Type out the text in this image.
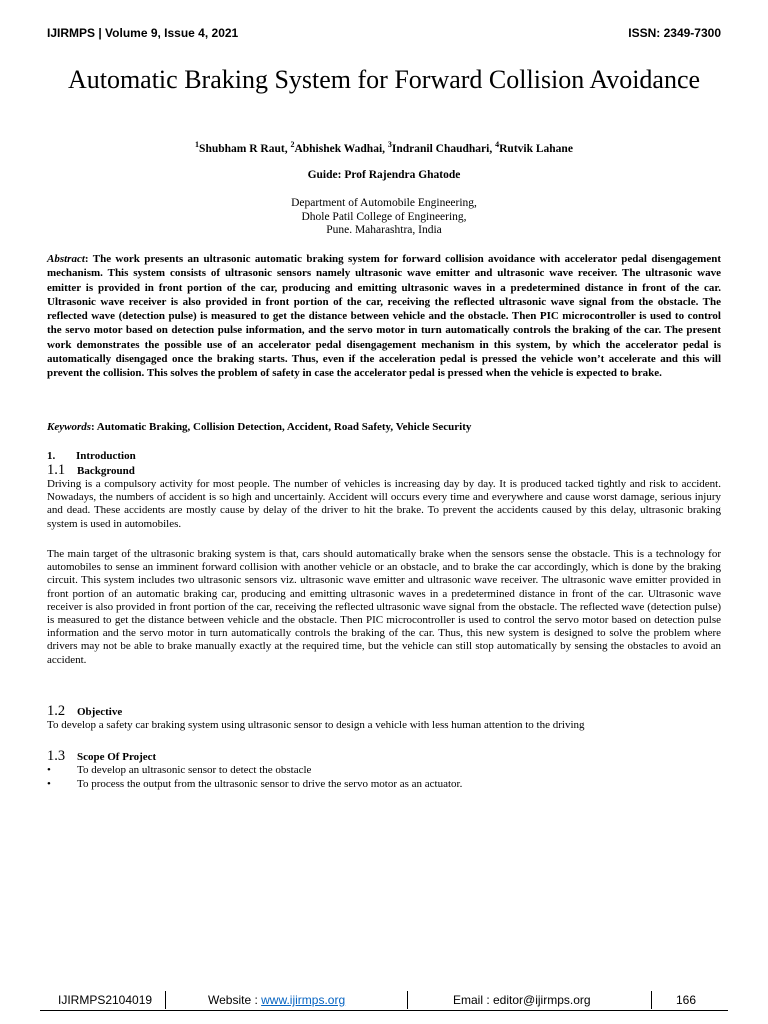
IJIRMPS | Volume 9, Issue 4, 2021	ISSN: 2349-7300
Automatic Braking System for Forward Collision Avoidance
$^1$Shubham R Raut, $^2$Abhishek Wadhai, $^3$Indranil Chaudhari, $^4$Rutvik Lahane
Guide: Prof Rajendra Ghatode
Department of Automobile Engineering,
Dhole Patil College of Engineering,
Pune. Maharashtra, India
Abstract: The work presents an ultrasonic automatic braking system for forward collision avoidance with accelerator pedal disengagement mechanism. This system consists of ultrasonic sensors namely ultrasonic wave emitter and ultrasonic wave receiver. The ultrasonic wave emitter is provided in front portion of the car, producing and emitting ultrasonic waves in a predetermined distance in front of the car. Ultrasonic wave receiver is also provided in front portion of the car, receiving the reflected ultrasonic wave signal from the obstacle. The reflected wave (detection pulse) is measured to get the distance between vehicle and the obstacle. Then PIC microcontroller is used to control the servo motor based on detection pulse information, and the servo motor in turn automatically controls the braking of the car. The present work demonstrates the possible use of an accelerator pedal disengagement mechanism in this system, by which the accelerator pedal is automatically disengaged once the braking starts. Thus, even if the acceleration pedal is pressed the vehicle won’t accelerate and this will prevent the collision. This solves the problem of safety in case the accelerator pedal is pressed when the vehicle is expected to brake.
Keywords: Automatic Braking, Collision Detection, Accident, Road Safety, Vehicle Security
1. Introduction
1.1	Background
Driving is a compulsory activity for most people. The number of vehicles is increasing day by day. It is produced tacked tightly and risk to accident. Nowadays, the numbers of accident is so high and uncertainly. Accident will occurs every time and everywhere and cause worst damage, serious injury and dead. These accidents are mostly cause by delay of the driver to hit the brake. To prevent the accidents caused by this delay, ultrasonic braking system is used in automobiles.
The main target of the ultrasonic braking system is that, cars should automatically brake when the sensors sense the obstacle. This is a technology for automobiles to sense an imminent forward collision with another vehicle or an obstacle, and to brake the car accordingly, which is done by the braking circuit. This system includes two ultrasonic sensors viz. ultrasonic wave emitter and ultrasonic wave receiver. The ultrasonic wave emitter provided in front portion of an automatic braking car, producing and emitting ultrasonic waves in a predetermined distance in front of the car. Ultrasonic wave receiver is also provided in front portion of the car, receiving the reflected ultrasonic wave signal from the obstacle. The reflected wave (detection pulse) is measured to get the distance between vehicle and the obstacle. Then PIC microcontroller is used to control the servo motor based on detection pulse information and the servo motor in turn automatically controls the braking of the car. Thus, this new system is designed to solve the problem where drivers may not be able to brake manually exactly at the required time, but the vehicle can still stop automatically by sensing the obstacles to avoid an accident.
1.2	Objective
To develop a safety car braking system using ultrasonic sensor to design a vehicle with less human attention to the driving
1.3	Scope Of Project
•	To develop an ultrasonic sensor to detect the obstacle
•	To process the output from the ultrasonic sensor to drive the servo motor as an actuator.
IJIRMPS2104019	Website : www.ijirmps.org	Email : editor@ijirmps.org	166
